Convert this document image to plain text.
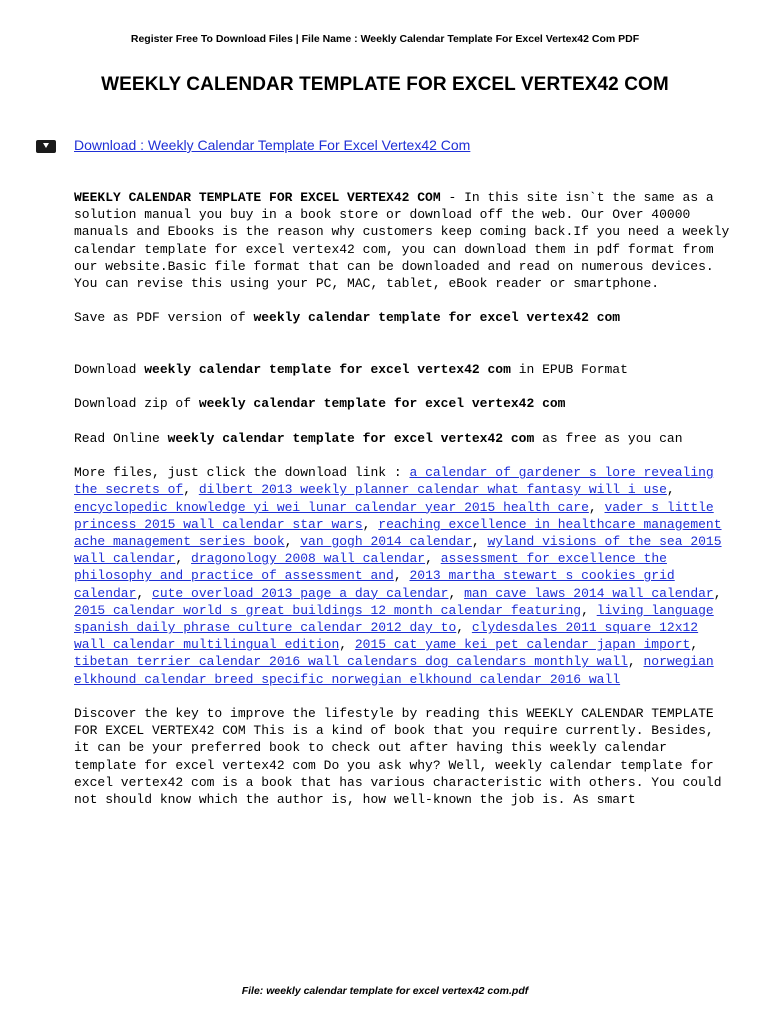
Register Free To Download Files | File Name : Weekly Calendar Template For Excel Vertex42 Com PDF
WEEKLY CALENDAR TEMPLATE FOR EXCEL VERTEX42 COM
Download : Weekly Calendar Template For Excel Vertex42 Com

WEEKLY CALENDAR TEMPLATE FOR EXCEL VERTEX42 COM - In this site isn`t the same as a solution manual you buy in a book store or download off the web. Our Over 40000 manuals and Ebooks is the reason why customers keep coming back.If you need a weekly calendar template for excel vertex42 com, you can download them in pdf format from our website.Basic file format that can be downloaded and read on numerous devices. You can revise this using your PC, MAC, tablet, eBook reader or smartphone.

Save as PDF version of weekly calendar template for excel vertex42 com

Download weekly calendar template for excel vertex42 com in EPUB Format

Download zip of weekly calendar template for excel vertex42 com

Read Online weekly calendar template for excel vertex42 com as free as you can

More files, just click the download link : a calendar of gardener s lore revealing the secrets of, dilbert 2013 weekly planner calendar what fantasy will i use, encyclopedic knowledge yi wei lunar calendar year 2015 health care, vader s little princess 2015 wall calendar star wars, reaching excellence in healthcare management ache management series book, van gogh 2014 calendar, wyland visions of the sea 2015 wall calendar, dragonology 2008 wall calendar, assessment for excellence the philosophy and practice of assessment and, 2013 martha stewart s cookies grid calendar, cute overload 2013 page a day calendar, man cave laws 2014 wall calendar, 2015 calendar world s great buildings 12 month calendar featuring, living language spanish daily phrase culture calendar 2012 day to, clydesdales 2011 square 12x12 wall calendar multilingual edition, 2015 cat yame kei pet calendar japan import, tibetan terrier calendar 2016 wall calendars dog calendars monthly wall, norwegian elkhound calendar breed specific norwegian elkhound calendar 2016 wall

Discover the key to improve the lifestyle by reading this WEEKLY CALENDAR TEMPLATE FOR EXCEL VERTEX42 COM This is a kind of book that you require currently. Besides, it can be your preferred book to check out after having this weekly calendar template for excel vertex42 com Do you ask why? Well, weekly calendar template for excel vertex42 com is a book that has various characteristic with others. You could not should know which the author is, how well-known the job is. As smart

File: weekly calendar template for excel vertex42 com.pdf
